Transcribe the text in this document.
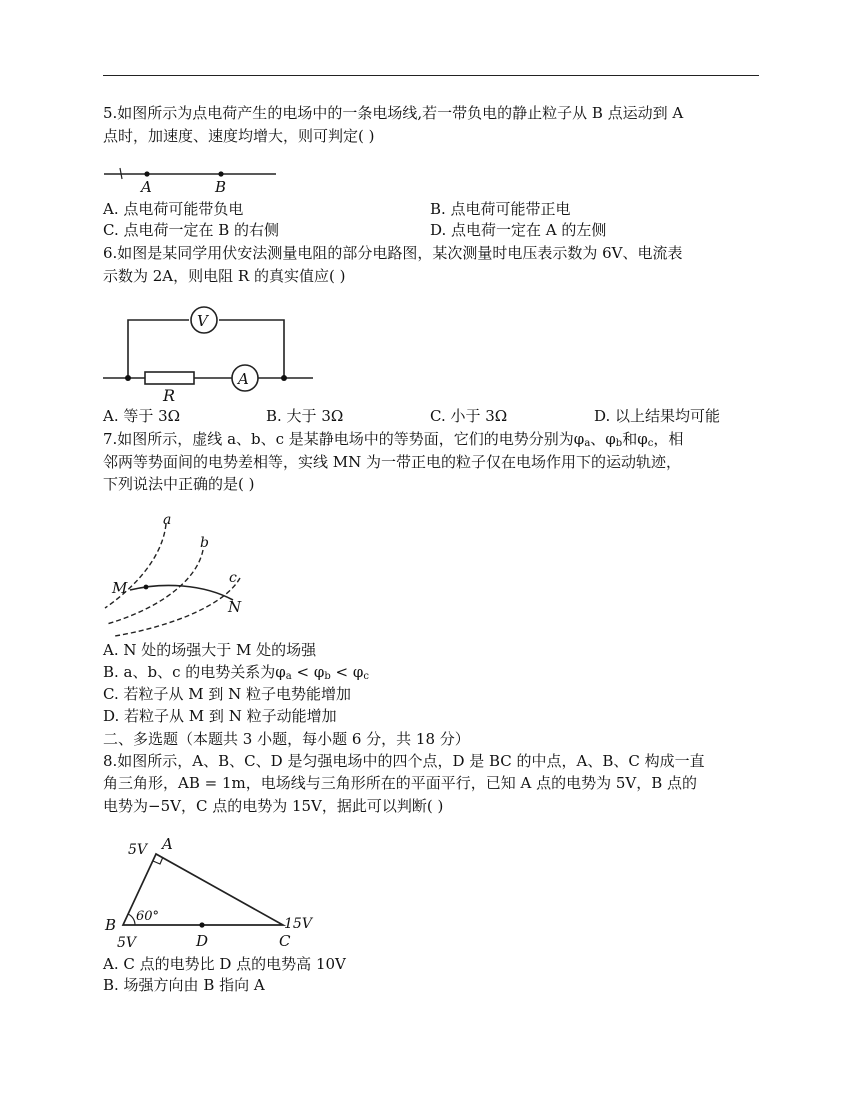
5.如图所示为点电荷产生的电场中的一条电场线,若一带负电的静止粒子从 B 点运动到 A
点时，加速度、速度均增大，则可判定( )
A	B
A. 点电荷可能带负电	B. 点电荷可能带正电
C. 点电荷一定在 B 的右侧	D. 点电荷一定在 A 的左侧
6.如图是某同学用伏安法测量电阻的部分电路图，某次测量时电压表示数为 6V、电流表
示数为 2A，则电阻 R 的真实值应( )
V
A
R
A. 等于 3Ω	B. 大于 3Ω	C. 小于 3Ω	D. 以上结果均可能
7.如图所示，虚线 a、b、c 是某静电场中的等势面，它们的电势分别为φa、φb和φc，相
邻两等势面间的电势差相等，实线 MN 为一带正电的粒子仅在电场作用下的运动轨迹，
下列说法中正确的是( )
a
b
c
M
N
A. N 处的场强大于 M 处的场强
B. a、b、c 的电势关系为φa < φb < φc
C. 若粒子从 M 到 N 粒子电势能增加
D. 若粒子从 M 到 N 粒子动能增加
二、多选题（本题共 3 小题，每小题 6 分，共 18 分）
8.如图所示，A、B、C、D 是匀强电场中的四个点，D 是 BC 的中点，A、B、C 构成一直
角三角形，AB = 1m，电场线与三角形所在的平面平行，已知 A 点的电势为 5V，B 点的
电势为−5V，C 点的电势为 15V，据此可以判断( )
5V A
B 60°
5V	D	C
15V
A. C 点的电势比 D 点的电势高 10V
B. 场强方向由 B 指向 A
